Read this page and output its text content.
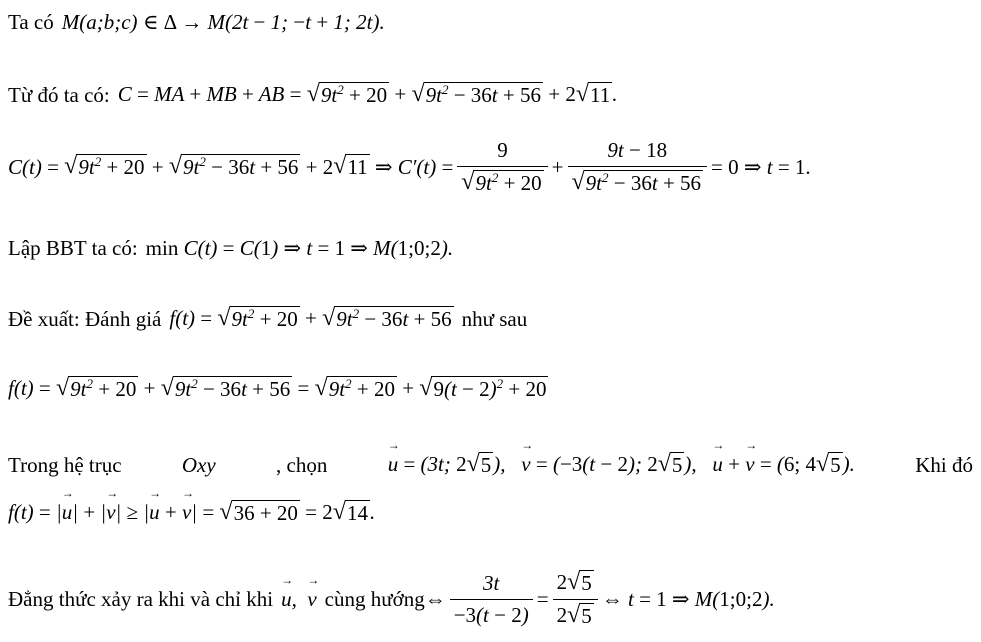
Ta có M(a;b;c) ∈ Δ → M(2t − 1; −t + 1; 2t).
Từ đó ta có: C = MA + MB + AB = √ $9t^2 + 20$ + √ $9t^2 - 36t + 56 + 2$ √ 11 .
C(t) = √ $9t^2 + 20$ + √ $9t^2 - 36t + 56 + 2$ √ 11 ⇒ $C'(t) = \frac{9}{√ 9t^2 + 20} + \frac{9t - 18}{√ 9t^2 - 36t + 56} = 0$ ⇒ t = 1.
Lập BBT ta có: min C(t) = C(1) ⇒ t = 1 ⇒ M(1;0;2).
Đề xuất: Đánh giá f(t) = √ $9t^2 + 20$ + √ $9t^2 - 36t + 56$ như sau
f(t) = √ $9t^2 + 20$ + √ $9t^2 - 36t + 56$ = √ $9t^2 + 20$ + √ $9(t - 2)^2 + 20$
Trong hệ trục	Oxy	, chọn	→ u = (3t; 2 √ 5 ),   → v = (−3(t − 2); 2 √ 5 ),   → u + → v = (6; 4 √ 5 ).	Khi đó
f(t) = |→ u| + |→ v| ≥ |→ u + → v| = √ 36 + 20 = 2 √ 14 .
Đẳng thức xảy ra khi và chỉ khi → u,  → v cùng hướng ⇔ $\frac{3t}{-3(t - 2)} = \frac{2 √ 5}{2 √ 5}$ ⇔ t = 1 ⇒ M( 1;0;2 ).
